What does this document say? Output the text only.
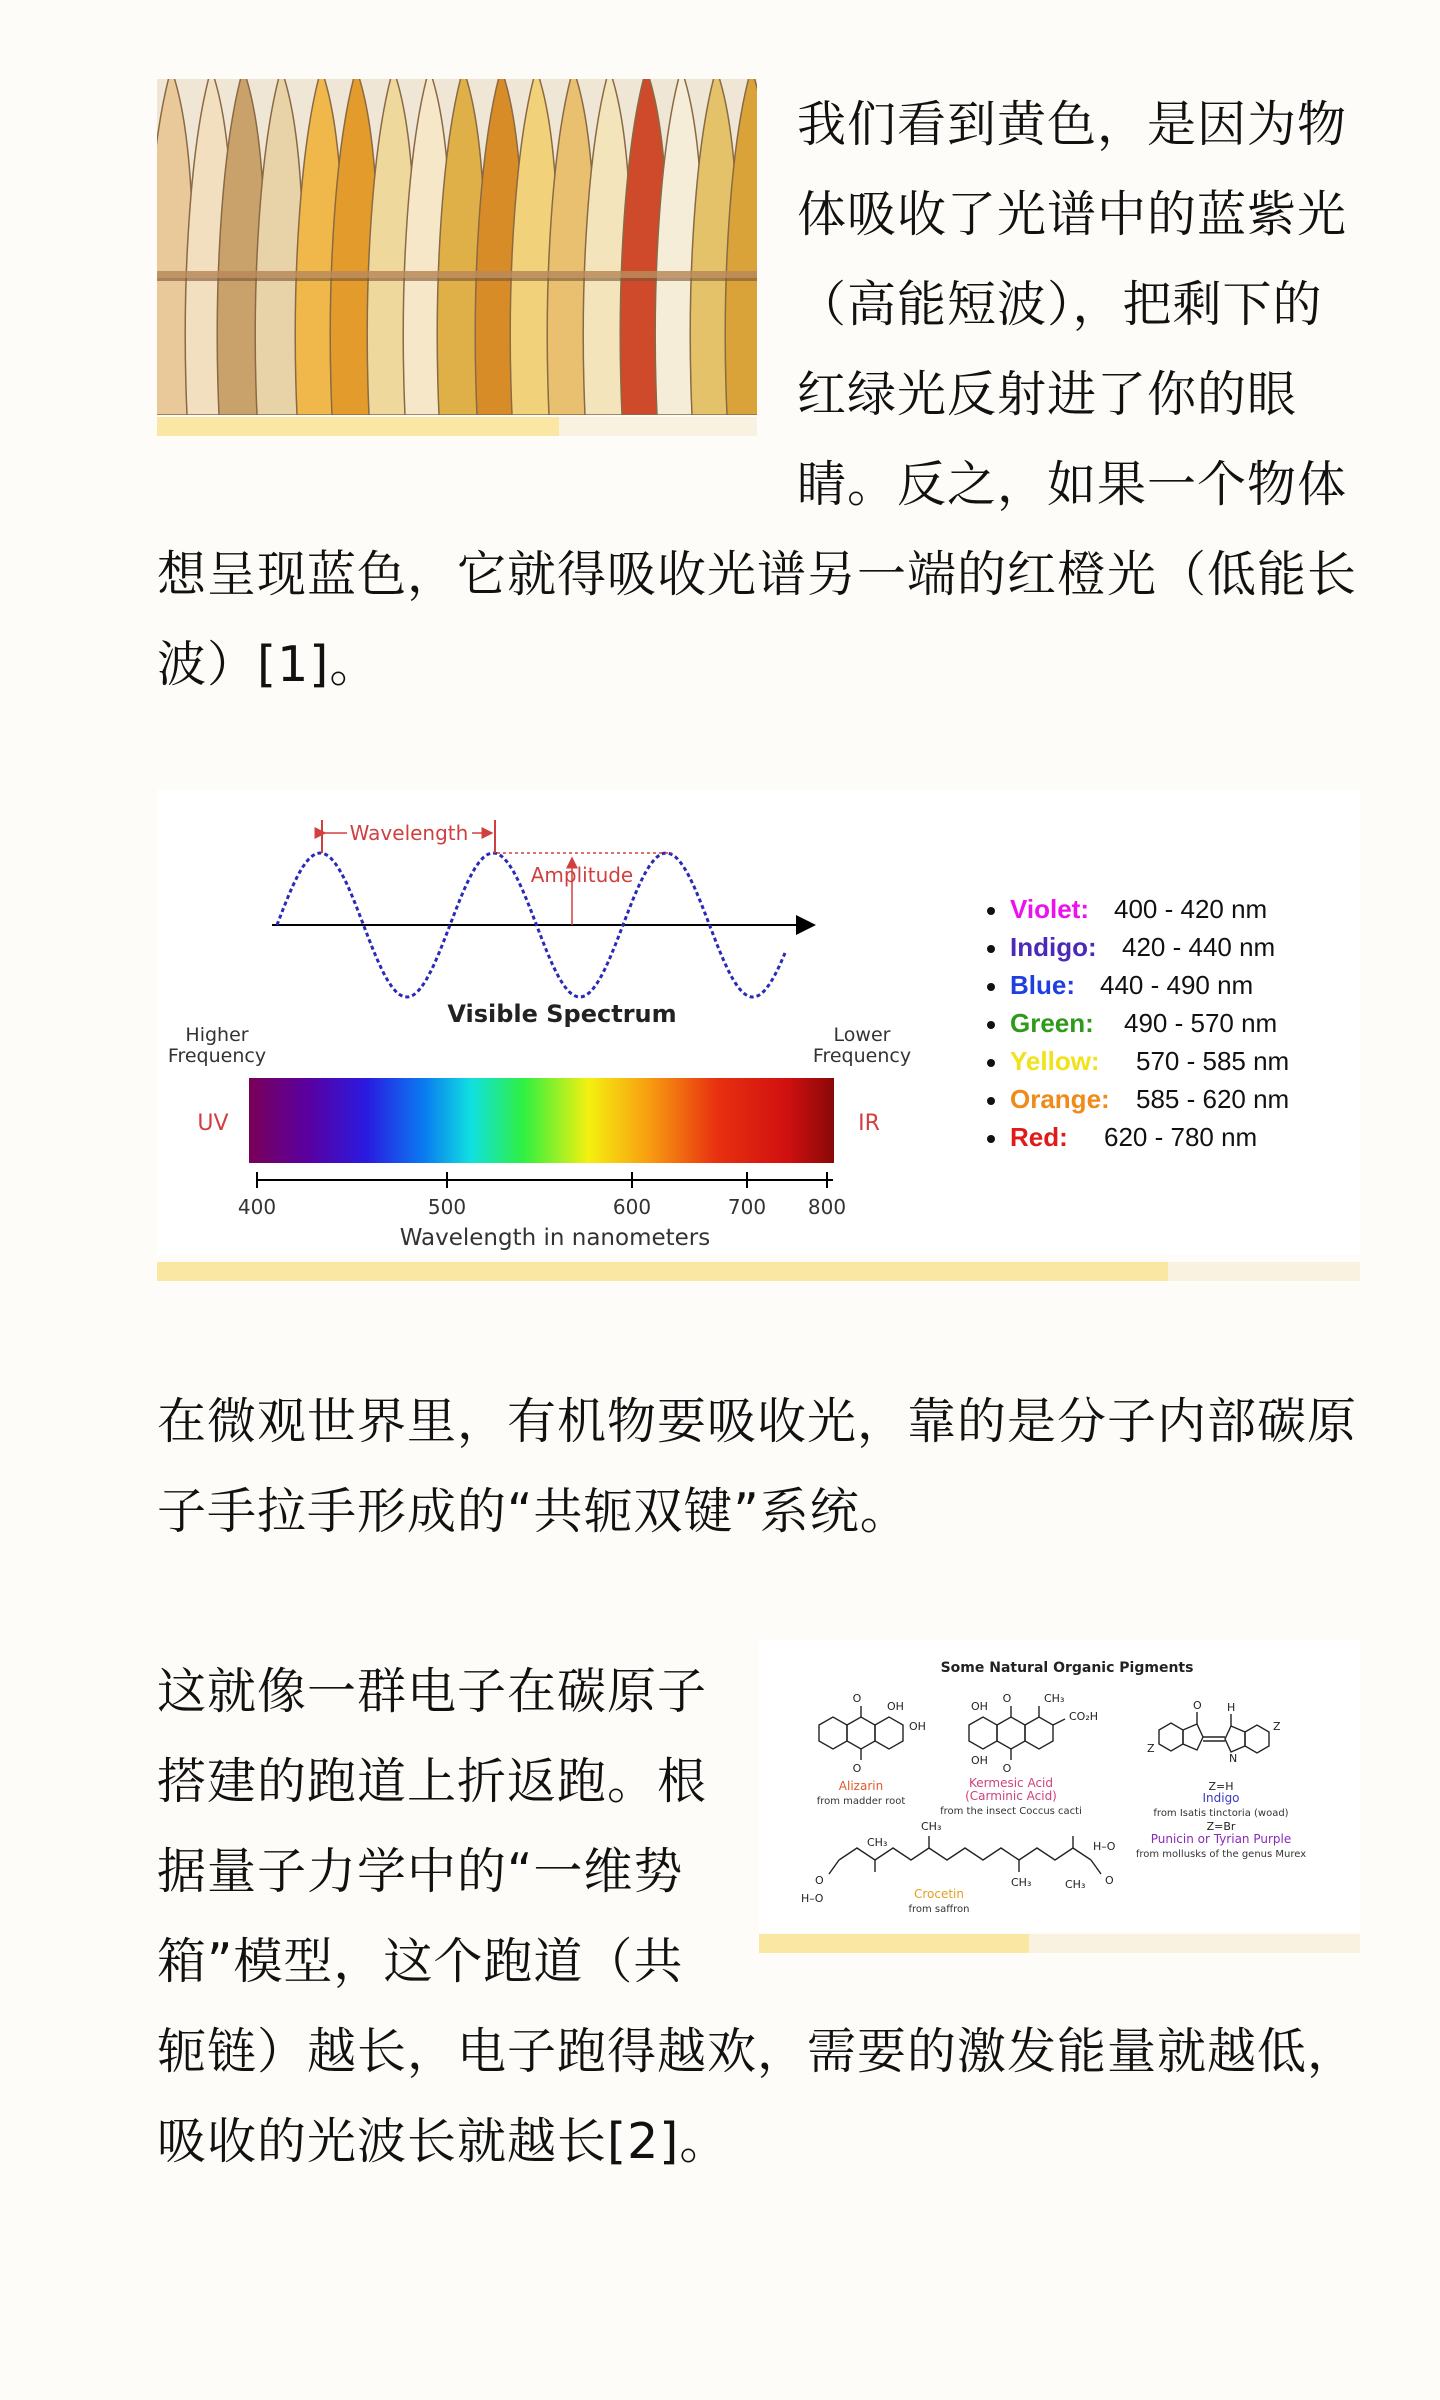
我们看到黄色，是因为物
体吸收了光谱中的蓝紫光
（高能短波），把剩下的
红绿光反射进了你的眼
睛。反之，如果一个物体
想呈现蓝色，它就得吸收光谱另一端的红橙光（低能长
波）[1]。
Wavelength
Amplitude
Visible Spectrum
Higher
Frequency
Lower
Frequency
UV	IR
400	500	600	700 800
Wavelength in nanometers
Violet: 400 - 420 nm
Indigo: 420 - 440 nm
Blue: 440 - 490 nm
Green: 490 - 570 nm
Yellow: 570 - 585 nm
Orange: 585 - 620 nm
Red: 620 - 780 nm
在微观世界里，有机物要吸收光，靠的是分子内部碳原
子手拉手形成的“共轭双键”系统。
这就像一群电子在碳原子
搭建的跑道上折返跑。根
据量子力学中的“一维势
箱”模型，这个跑道（共
轭链）越长，电子跑得越欢，需要的激发能量就越低，
吸收的光波长就越长[2]。
Some Natural Organic Pigments
O
O
OH
OH
O
O
CO₂H
OH
OH
CH₃
O H
N
Z
Z
O
H–O
O
H–O
CH₃
CH₃
CH₃	CH₃
Alizarin
from madder root
Kermesic Acid
(Carminic Acid)
from the insect Coccus cacti
Z=H
Indigo
from Isatis tinctoria (woad)
Z=Br
Punicin or Tyrian Purple
from mollusks of the genus Murex
Crocetin
from saffron
